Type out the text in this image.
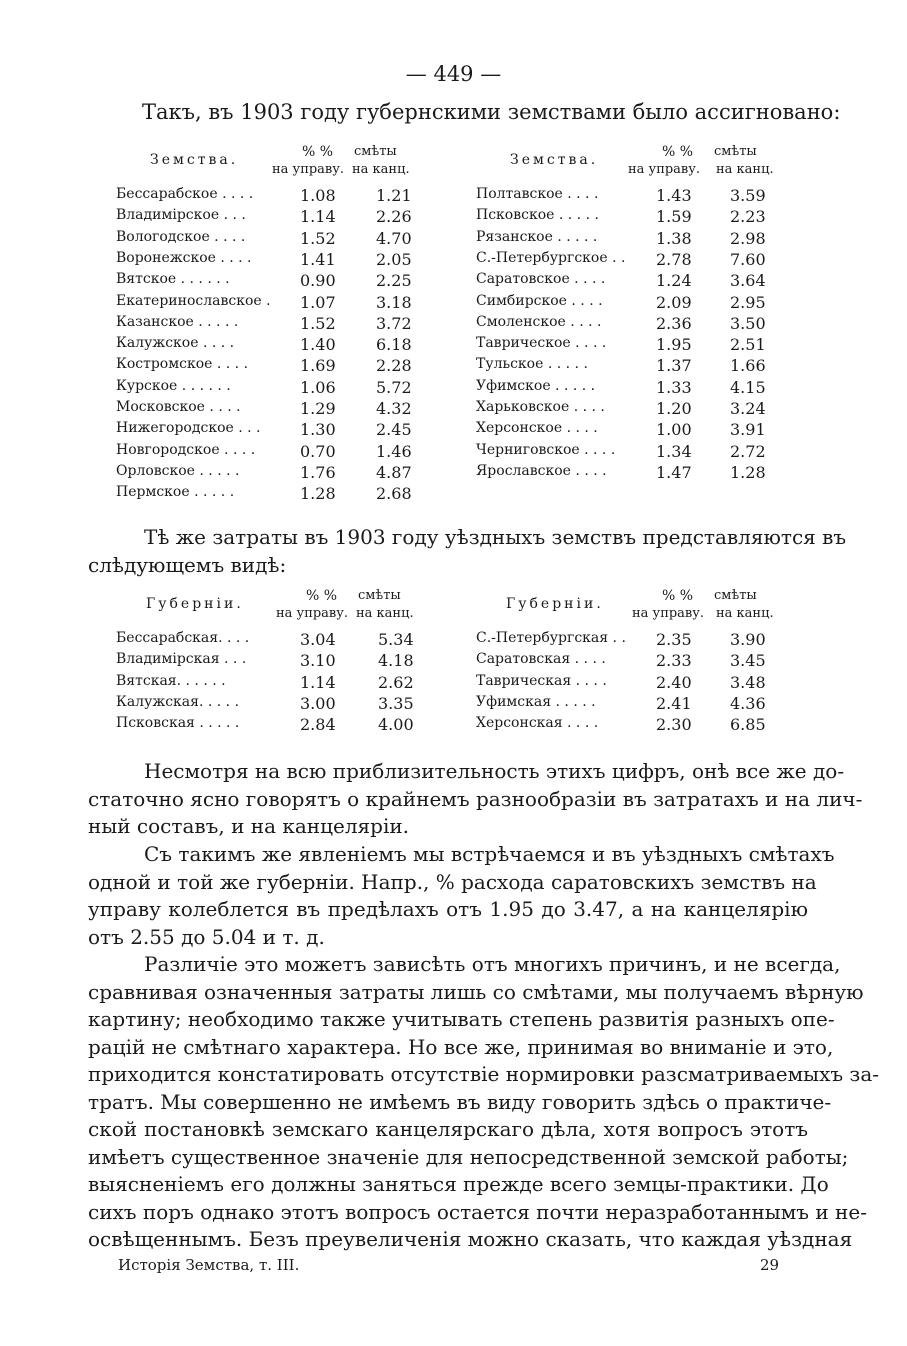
— 449 —
Такъ, въ 1903 году губернскими земствами было ассигновано:
Земства.	% % смѣты
на управу. на канц.
Бессарабское . . . .	1.08	1.21
Владимірское . . .	1.14	2.26
Вологодское . . . .	1.52	4.70
Воронежское . . . .	1.41	2.05
Вятское . . . . . .	0.90	2.25
Екатеринославское . 1.07	3.18
Казанское . . . . .	1.52	3.72
Калужское . . . .	1.40	6.18
Костромское . . . .	1.69	2.28
Курское . . . . . .	1.06	5.72
Московское . . . .	1.29	4.32
Нижегородское . . . 1.30	2.45
Новгородское . . . .	0.70	1.46
Орловское . . . . .	1.76	4.87
Пермское . . . . .	1.28	2.68
Земства.	% % смѣты
на управу. на канц.
Полтавское . . . .	1.43 3.59
Псковское . . . . .	1.59 2.23
Рязанское . . . . .	1.38 2.98
С.-Петербургское . . 2.78 7.60
Саратовское . . . .	1.24 3.64
Симбирское . . . .	2.09 2.95
Смоленское . . . .	2.36 3.50
Таврическое . . . .	1.95 2.51
Тульское . . . . .	1.37 1.66
Уфимское . . . . .	1.33 4.15
Харьковское . . . .	1.20 3.24
Херсонское . . . .	1.00 3.91
Черниговское . . . .	1.34 2.72
Ярославское . . . .	1.47 1.28
Тѣ же затраты въ 1903 году уѣздныхъ земствъ представляются въ
слѣдующемъ видѣ:
Губерніи.	% % смѣты
на управу. на канц.
Бессарабская. . . .	3.04	5.34
Владимірская . . .	3.10	4.18
Вятская. . . . . .	1.14	2.62
Калужская. . . . .	3.00	3.35
Псковская . . . . .	2.84	4.00
Губерніи.	% % смѣты
на управу. на канц.
С.-Петербургская . . 2.35 3.90
Саратовская . . . .	2.33 3.45
Таврическая . . . .	2.40 3.48
Уфимская . . . . .	2.41 4.36
Херсонская . . . .	2.30 6.85
Несмотря на всю приблизительность этихъ цифръ, онѣ все же до-
статочно ясно говорятъ о крайнемъ разнообразіи въ затратахъ и на лич-
ный составъ, и на канцеляріи.
Съ такимъ же явленіемъ мы встрѣчаемся и въ уѣздныхъ смѣтахъ
одной и той же губерніи. Напр., % расхода саратовскихъ земствъ на
управу колеблется въ предѣлахъ отъ 1.95 до 3.47, а на канцелярію
отъ 2.55 до 5.04 и т. д.
Различіе это можетъ зависѣть отъ многихъ причинъ, и не всегда,
сравнивая означенныя затраты лишь со смѣтами, мы получаемъ вѣрную
картину; необходимо также учитывать степень развитія разныхъ опе-
рацій не смѣтнаго характера. Но все же, принимая во вниманіе и это,
приходится констатировать отсутствіе нормировки разсматриваемыхъ за-
тратъ. Мы совершенно не имѣемъ въ виду говорить здѣсь о практиче-
ской постановкѣ земскаго канцелярскаго дѣла, хотя вопросъ этотъ
имѣетъ существенное значеніе для непосредственной земской работы;
выясненіемъ его должны заняться прежде всего земцы-практики. До
сихъ поръ однако этотъ вопросъ остается почти неразработаннымъ и не-
освѣщеннымъ. Безъ преувеличенія можно сказать, что каждая уѣздная
Исторія Земства, т. III.	29
